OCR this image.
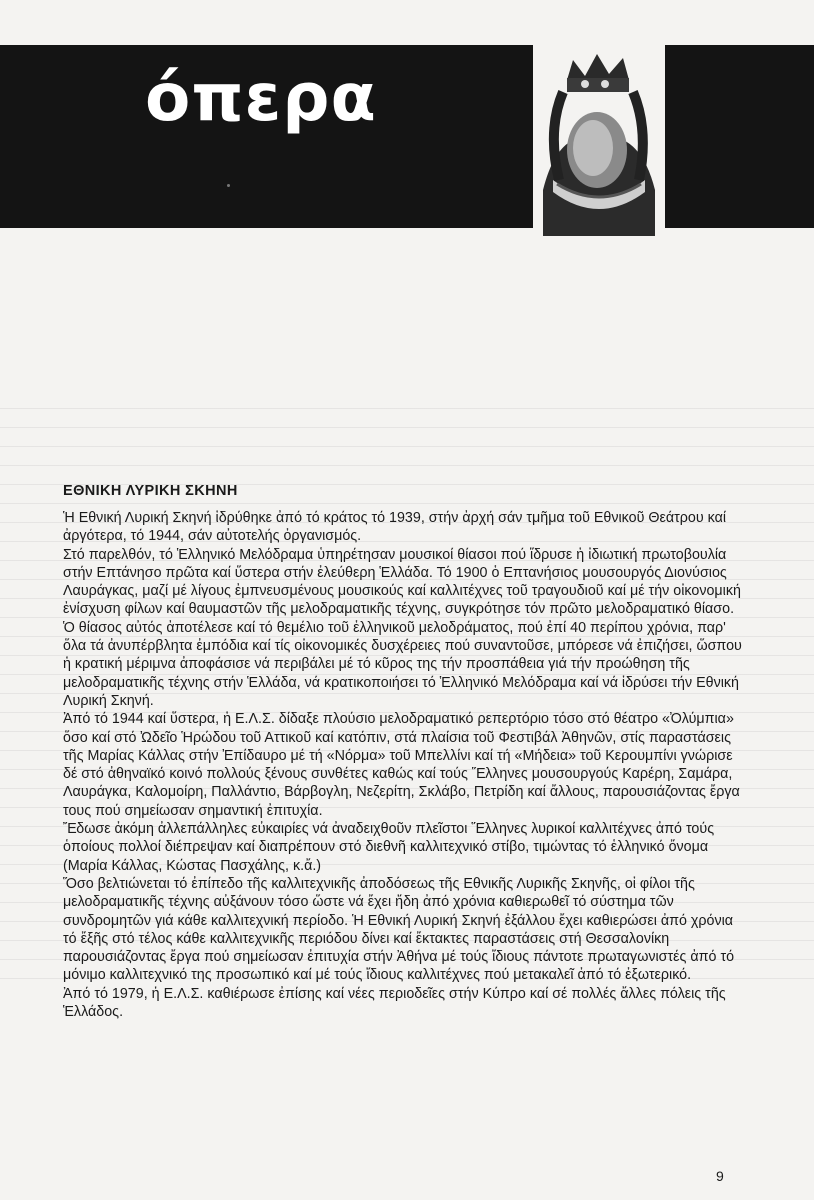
όπερα
ΕΘΝΙΚΗ ΛΥΡΙΚΗ ΣΚΗΝΗ

Ἡ Εθνική Λυρική Σκηνή ἱδρύθηκε ἀπό τό κράτος τό 1939, στήν ἀρχή σάν τμῆμα τοῦ Εθνικοῦ Θεάτρου καί ἀργότερα, τό 1944, σάν αὐτοτελής ὀργανισμός.

Στό παρελθόν, τό Ἑλληνικό Μελόδραμα ὑπηρέτησαν μουσικοί θίασοι πού ἵδρυσε ἡ ἰδιωτική πρωτοβουλία στήν Επτάνησο πρῶτα καί ὕστερα στήν ἐλεύθερη Ἑλλάδα. Τό 1900 ὁ Επτανήσιος μουσουργός Διονύσιος Λαυράγκας, μαζί μέ λίγους ἐμπνευσμένους μουσικούς καί καλλιτέχνες τοῦ τραγουδιοῦ καί μέ τήν οἰκονομική ἐνίσχυση φίλων καί θαυμαστῶν τῆς μελοδραματικῆς τέχνης, συγκρότησε τόν πρῶτο μελοδραματικό θίασο. Ὁ θίασος αὐτός ἀποτέλεσε καί τό θεμέλιο τοῦ ἑλληνικοῦ μελοδράματος, πού ἐπί 40 περίπου χρόνια, παρ' ὅλα τά ἀνυπέρβλητα ἐμπόδια καί τίς οἰκονομικές δυσχέρειες πού συναντοῦσε, μπόρεσε νά ἐπιζήσει, ὥσπου ἡ κρατική μέριμνα ἀποφάσισε νά περιβάλει μέ τό κῦρος της τήν προσπάθεια γιά τήν προώθηση τῆς μελοδραματικῆς τέχνης στήν Ἑλλάδα, νά κρατικοποιήσει τό Ἑλληνικό Μελόδραμα καί νά ἱδρύσει τήν Εθνική Λυρική Σκηνή.

Ἀπό τό 1944 καί ὕστερα, ἡ Ε.Λ.Σ. δίδαξε πλούσιο μελοδραματικό ρεπερτόριο τόσο στό θέατρο «Ὀλύμπια» ὅσο καί στό Ὠδεῖο Ἡρώδου τοῦ Αττικοῦ καί κατόπιν, στά πλαίσια τοῦ Φεστιβάλ Ἀθηνῶν, στίς παραστάσεις τῆς Μαρίας Κάλλας στήν Ἐπίδαυρο μέ τή «Νόρμα» τοῦ Μπελλίνι καί τή «Μήδεια» τοῦ Κερουμπίνι γνώρισε δέ στό ἀθηναϊκό κοινό πολλούς ξένους συνθέτες καθώς καί τούς Ἕλληνες μουσουργούς Καρέρη, Σαμάρα, Λαυράγκα, Καλομοίρη, Παλλάντιο, Βάρβογλη, Νεζερίτη, Σκλάβο, Πετρίδη καί ἄλλους, παρουσιάζοντας ἔργα τους πού σημείωσαν σημαντική ἐπιτυχία.

Ἔδωσε ἀκόμη ἀλλεπάλληλες εὐκαιρίες νά ἀναδειχθοῦν πλεῖστοι Ἕλληνες λυρικοί καλλιτέχνες ἀπό τούς ὁποίους πολλοί διέπρεψαν καί διαπρέπουν στό διεθνῆ καλλιτεχνικό στίβο, τιμώντας τό ἑλληνικό ὄνομα (Μαρία Κάλλας, Κώστας Πασχάλης, κ.ἄ.)

Ὅσο βελτιώνεται τό ἐπίπεδο τῆς καλλιτεχνικῆς ἀποδόσεως τῆς Εθνικῆς Λυρικῆς Σκηνῆς, οἱ φίλοι τῆς μελοδραματικῆς τέχνης αὐξάνουν τόσο ὥστε νά ἔχει ἤδη ἀπό χρόνια καθιερωθεῖ τό σύστημα τῶν συνδρομητῶν γιά κάθε καλλιτεχνική περίοδο. Ἡ Εθνική Λυρική Σκηνή ἐξάλλου ἔχει καθιερώσει ἀπό χρόνια τό ἔξῆς στό τέλος κάθε καλλιτεχνικῆς περιόδου δίνει καί ἔκτακτες παραστάσεις στή Θεσσαλονίκη παρουσιάζοντας ἔργα πού σημείωσαν ἐπιτυχία στήν Ἀθήνα μέ τούς ἴδιους πάντοτε πρωταγωνιστές ἀπό τό μόνιμο καλλιτεχνικό της προσωπικό καί μέ τούς ἴδιους καλλιτέχνες πού μετακαλεῖ ἀπό τό ἐξωτερικό.

Ἀπό τό 1979, ἡ Ε.Λ.Σ. καθιέρωσε ἐπίσης καί νέες περιοδεῖες στήν Κύπρο καί σέ πολλές ἄλλες πόλεις τῆς Ἑλλάδος.

9
